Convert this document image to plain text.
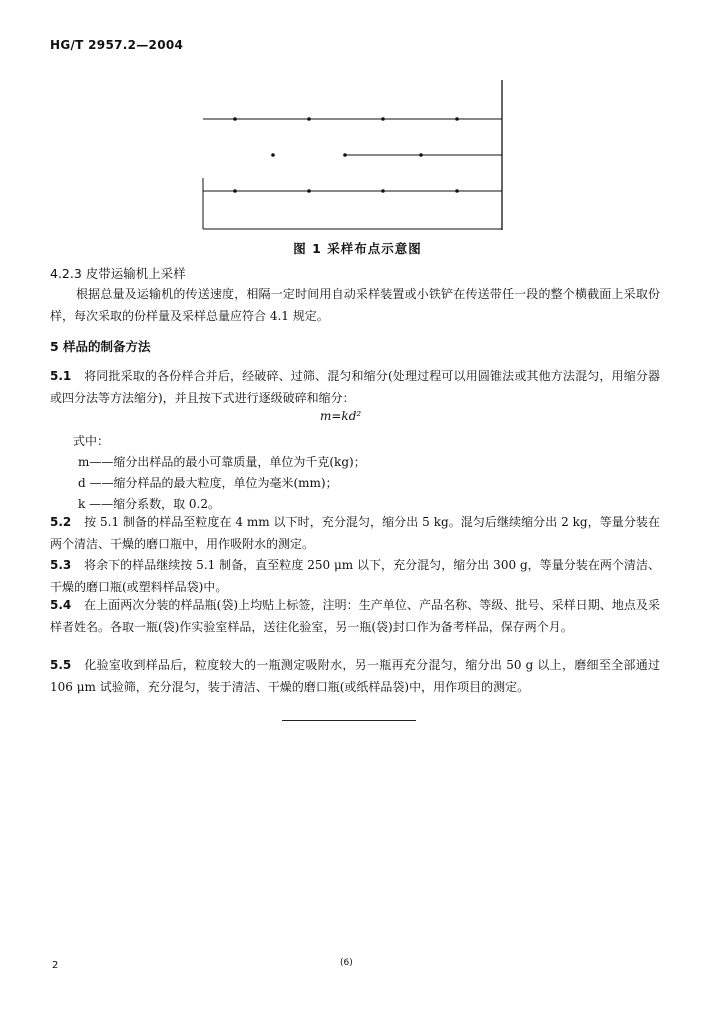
HG/T 2957.2—2004
图 1 采样布点示意图
4.2.3 皮带运输机上采样

根据总量及运输机的传送速度，相隔一定时间用自动采样装置或小铁铲在传送带任一段的整个横截面上采取份样，每次采取的份样量及采样总量应符合 4.1 规定。

5 样品的制备方法

5.1 将同批采取的各份样合并后，经破碎、过筛、混匀和缩分(处理过程可以用圆锥法或其他方法混匀，用缩分器或四分法等方法缩分)，并且按下式进行逐级破碎和缩分：

m=kd²
式中：
m——缩分出样品的最小可靠质量，单位为千克(kg)；
d ——缩分样品的最大粒度，单位为毫米(mm)；
k ——缩分系数，取 0.2。

5.2 按 5.1 制备的样品至粒度在 4 mm 以下时，充分混匀，缩分出 5 kg。混匀后继续缩分出 2 kg，等量分装在两个清洁、干燥的磨口瓶中，用作吸附水的测定。

5.3 将余下的样品继续按 5.1 制备，直至粒度 250 μm 以下，充分混匀，缩分出 300 g，等量分装在两个清洁、干燥的磨口瓶(或塑料样品袋)中。

5.4 在上面两次分装的样品瓶(袋)上均贴上标签，注明：生产单位、产品名称、等级、批号、采样日期、地点及采样者姓名。各取一瓶(袋)作实验室样品，送往化验室，另一瓶(袋)封口作为备考样品，保存两个月。

5.5 化验室收到样品后，粒度较大的一瓶测定吸附水，另一瓶再充分混匀，缩分出 50 g 以上，磨细至全部通过 106 μm 试验筛，充分混匀，装于清洁、干燥的磨口瓶(或纸样品袋)中，用作项目的测定。

2	(6)
